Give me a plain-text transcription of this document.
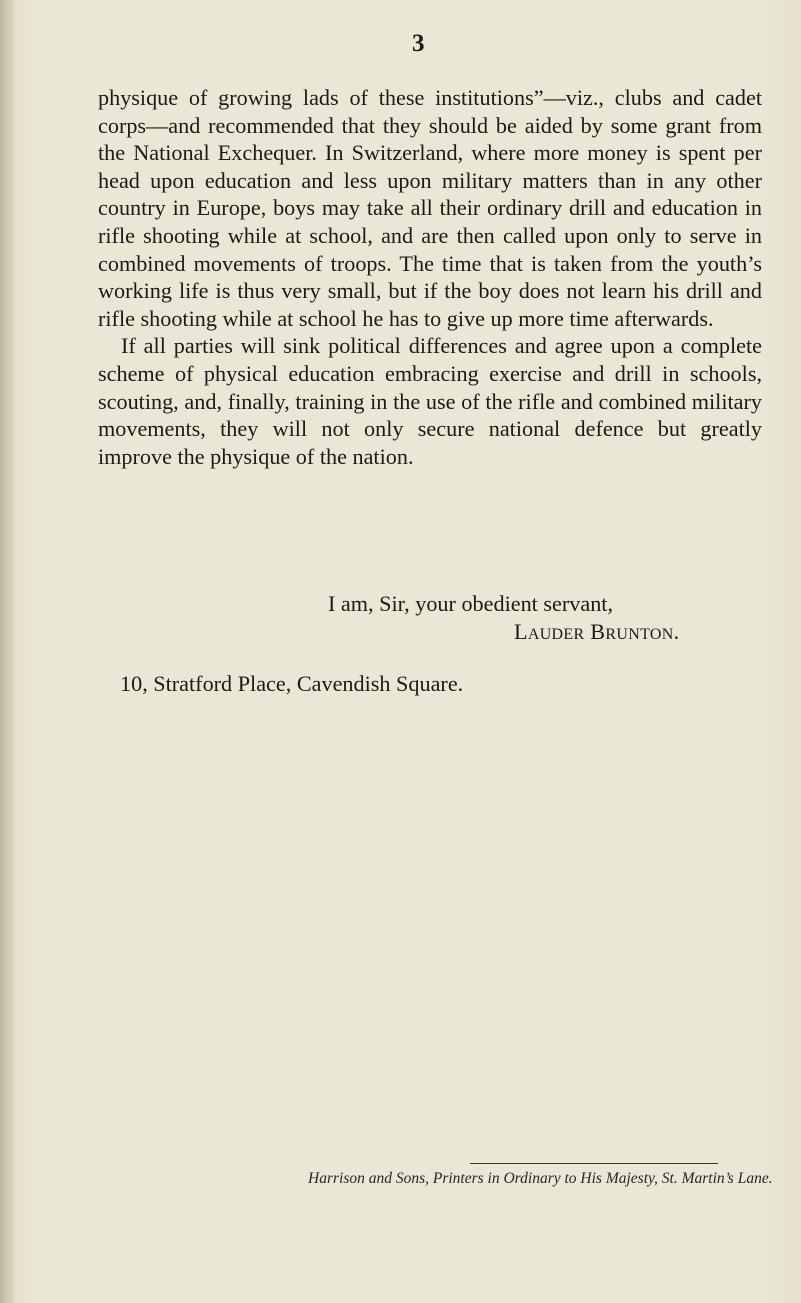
3

physique of growing lads of these institutions”—viz., clubs and cadet corps—and recommended that they should be aided by some grant from the National Exchequer. In Switzerland, where more money is spent per head upon education and less upon military matters than in any other country in Europe, boys may take all their ordinary drill and education in rifle shooting while at school, and are then called upon only to serve in combined movements of troops. The time that is taken from the youth’s working life is thus very small, but if the boy does not learn his drill and rifle shooting while at school he has to give up more time afterwards.

If all parties will sink political differences and agree upon a complete scheme of physical education embracing exercise and drill in schools, scouting, and, finally, training in the use of the rifle and combined military movements, they will not only secure national defence but greatly improve the physique of the nation.

I am, Sir, your obedient servant,
Lauder Brunton.
10, Stratford Place, Cavendish Square.
Harrison and Sons, Printers in Ordinary to His Majesty, St. Martin’s Lane.
